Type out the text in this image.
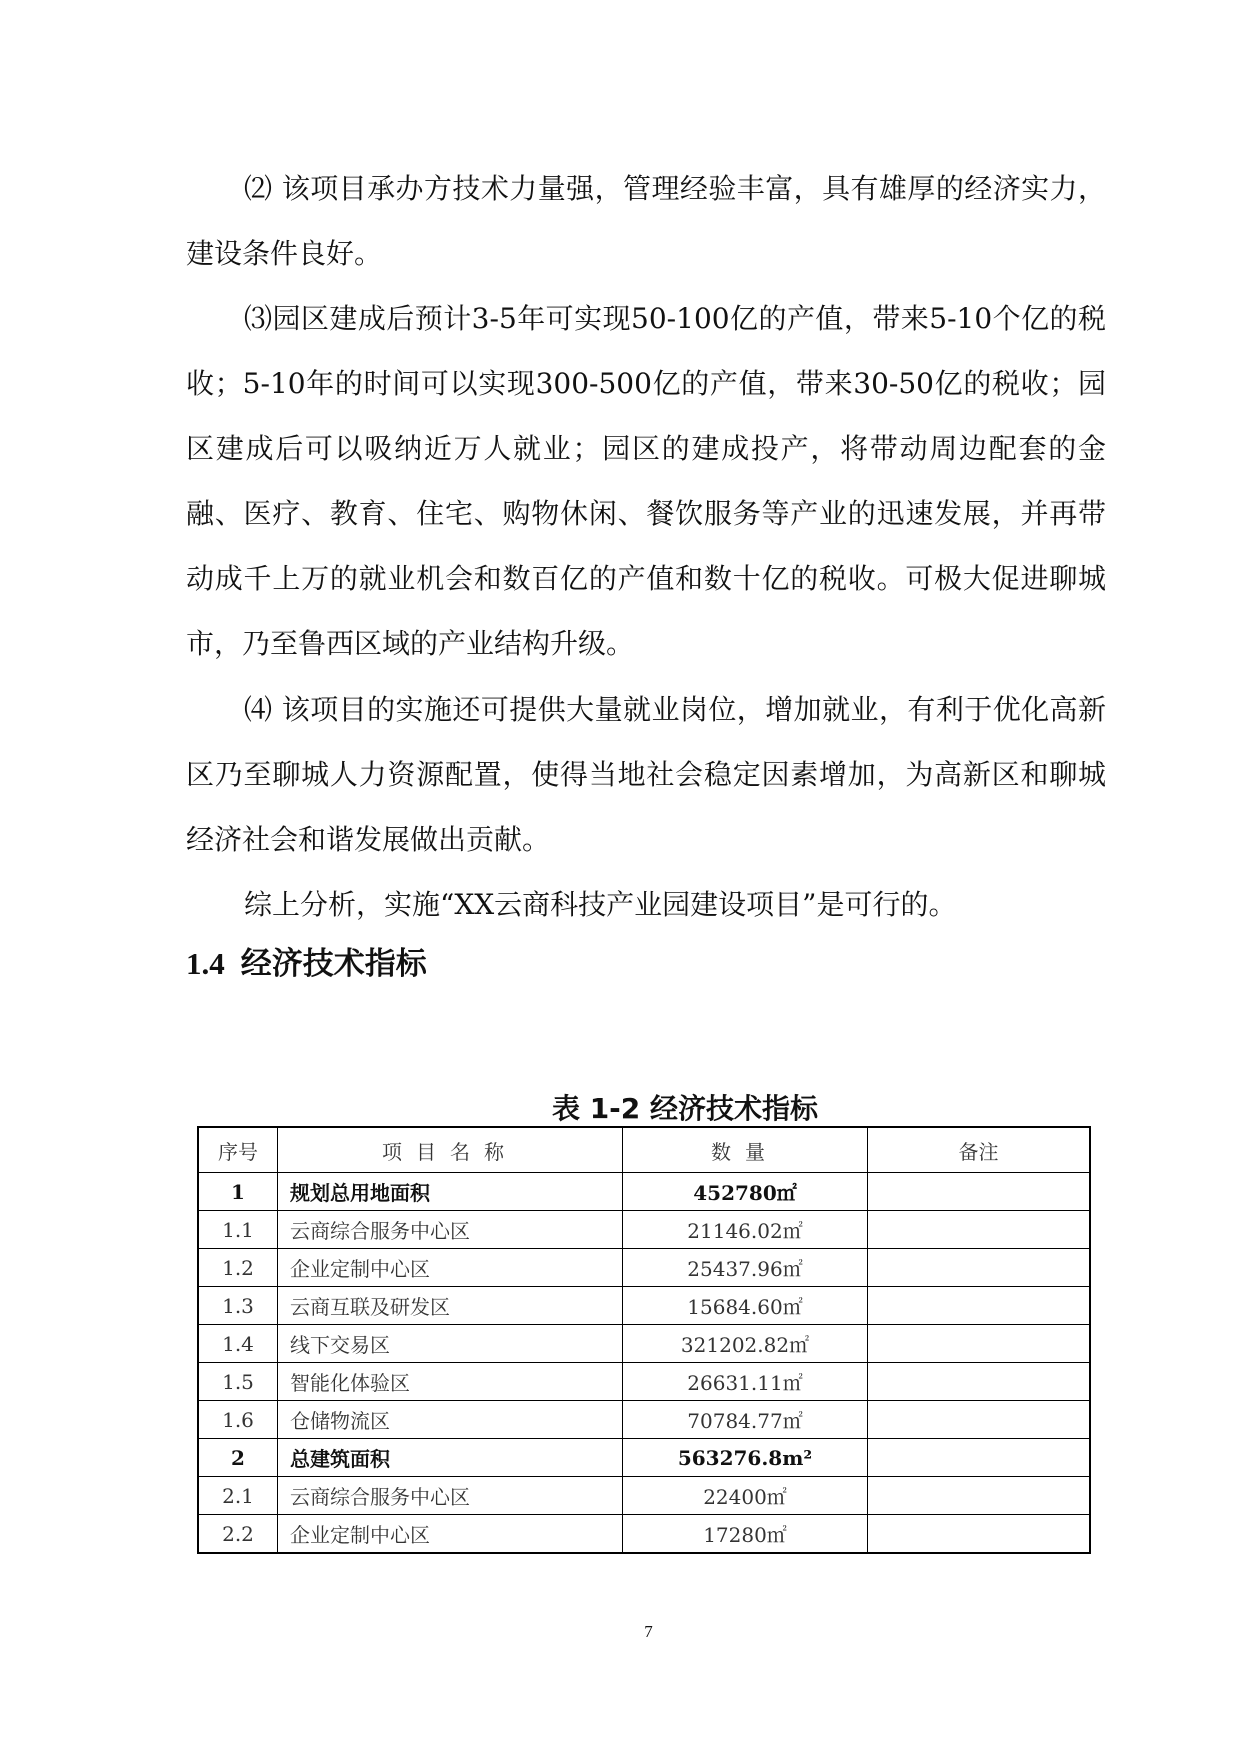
⑵ 该项目承办方技术力量强，管理经验丰富，具有雄厚的经济实力，建设条件良好。

⑶园区建成后预计3-5年可实现50-100亿的产值，带来5-10个亿的税收；5-10年的时间可以实现300-500亿的产值，带来30-50亿的税收；园区建成后可以吸纳近万人就业；园区的建成投产，将带动周边配套的金融、医疗、教育、住宅、购物休闲、餐饮服务等产业的迅速发展，并再带动成千上万的就业机会和数百亿的产值和数十亿的税收。可极大促进聊城市，乃至鲁西区域的产业结构升级。

⑷ 该项目的实施还可提供大量就业岗位，增加就业，有利于优化高新区乃至聊城人力资源配置，使得当地社会稳定因素增加，为高新区和聊城经济社会和谐发展做出贡献。

综上分析，实施“XX云商科技产业园建设项目”是可行的。

1.4 经济技术指标
表 1-2 经济技术指标
序号	项目名称	数量	备注
1	规划总用地面积	452780㎡	
1.1	云商综合服务中心区	21146.02㎡	
1.2	企业定制中心区	25437.96㎡	
1.3	云商互联及研发区	15684.60㎡	
1.4	线下交易区	321202.82㎡	
1.5	智能化体验区	26631.11㎡	
1.6	仓储物流区	70784.77㎡	
2	总建筑面积	563276.8m²	
2.1	云商综合服务中心区	22400㎡	
2.2	企业定制中心区	17280㎡	
7
